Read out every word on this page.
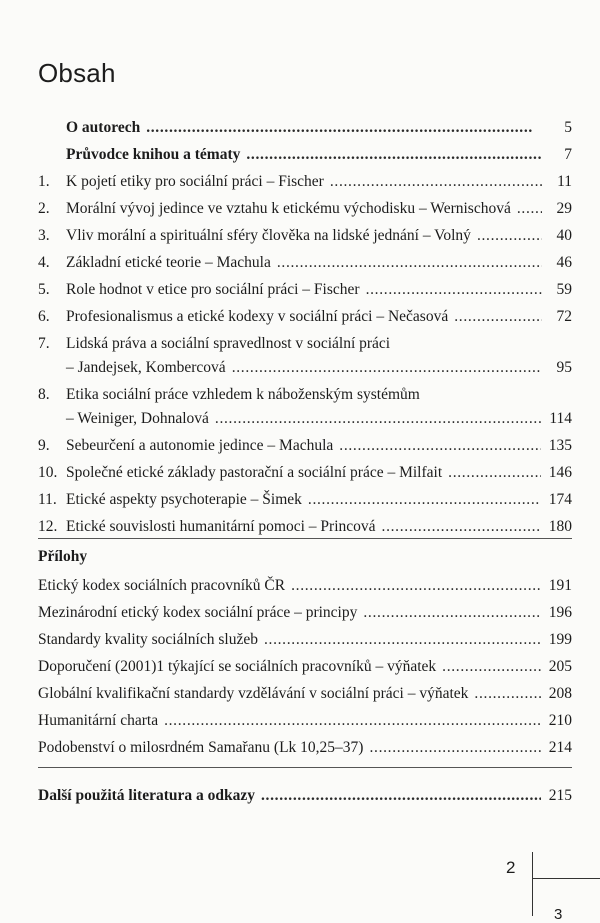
Obsah
O autorech . . .	5
Průvodce knihou a tématy . . .	7
1. K pojetí etiky pro sociální práci – Fischer . . .	11
2. Morální vývoj jedince ve vztahu k etickému východisku – Wernischová . . .	29
3. Vliv morální a spirituální sféry člověka na lidské jednání – Volný . . .	40
4. Základní etické teorie – Machula . . .	46
5. Role hodnot v etice pro sociální práci – Fischer . . .	59
6. Profesionalismus a etické kodexy v sociální práci – Nečasová . . .	72
7. Lidská práva a sociální spravedlnost v sociální práci
– Jandejsek, Kombercová . . .	95
8. Etika sociální práce vzhledem k náboženským systémům
– Weiniger, Dohnalová . . .	114
9. Sebeurčení a autonomie jedince – Machula . . .	135
10. Společné etické základy pastorační a sociální práce – Milfait . . .	146
11. Etické aspekty psychoterapie – Šimek . . .	174
12. Etické souvislosti humanitární pomoci – Princová . . .	180
Etický kodex sociálních pracovníků ČR . . .	191
Mezinárodní etický kodex sociální práce – principy . . .	196
Standardy kvality sociálních služeb . . .	199
Doporučení (2001)1 týkající se sociálních pracovníků – výňatek . . .	205
Globální kvalifikační standardy vzdělávání v sociální práci – výňatek . . .	208
Humanitární charta . . .	210
Podobenství o milosrdném Samařanu (Lk 10,25–37) . . .	214
Další použitá literatura a odkazy . . .	215
Přílohy
2
3
